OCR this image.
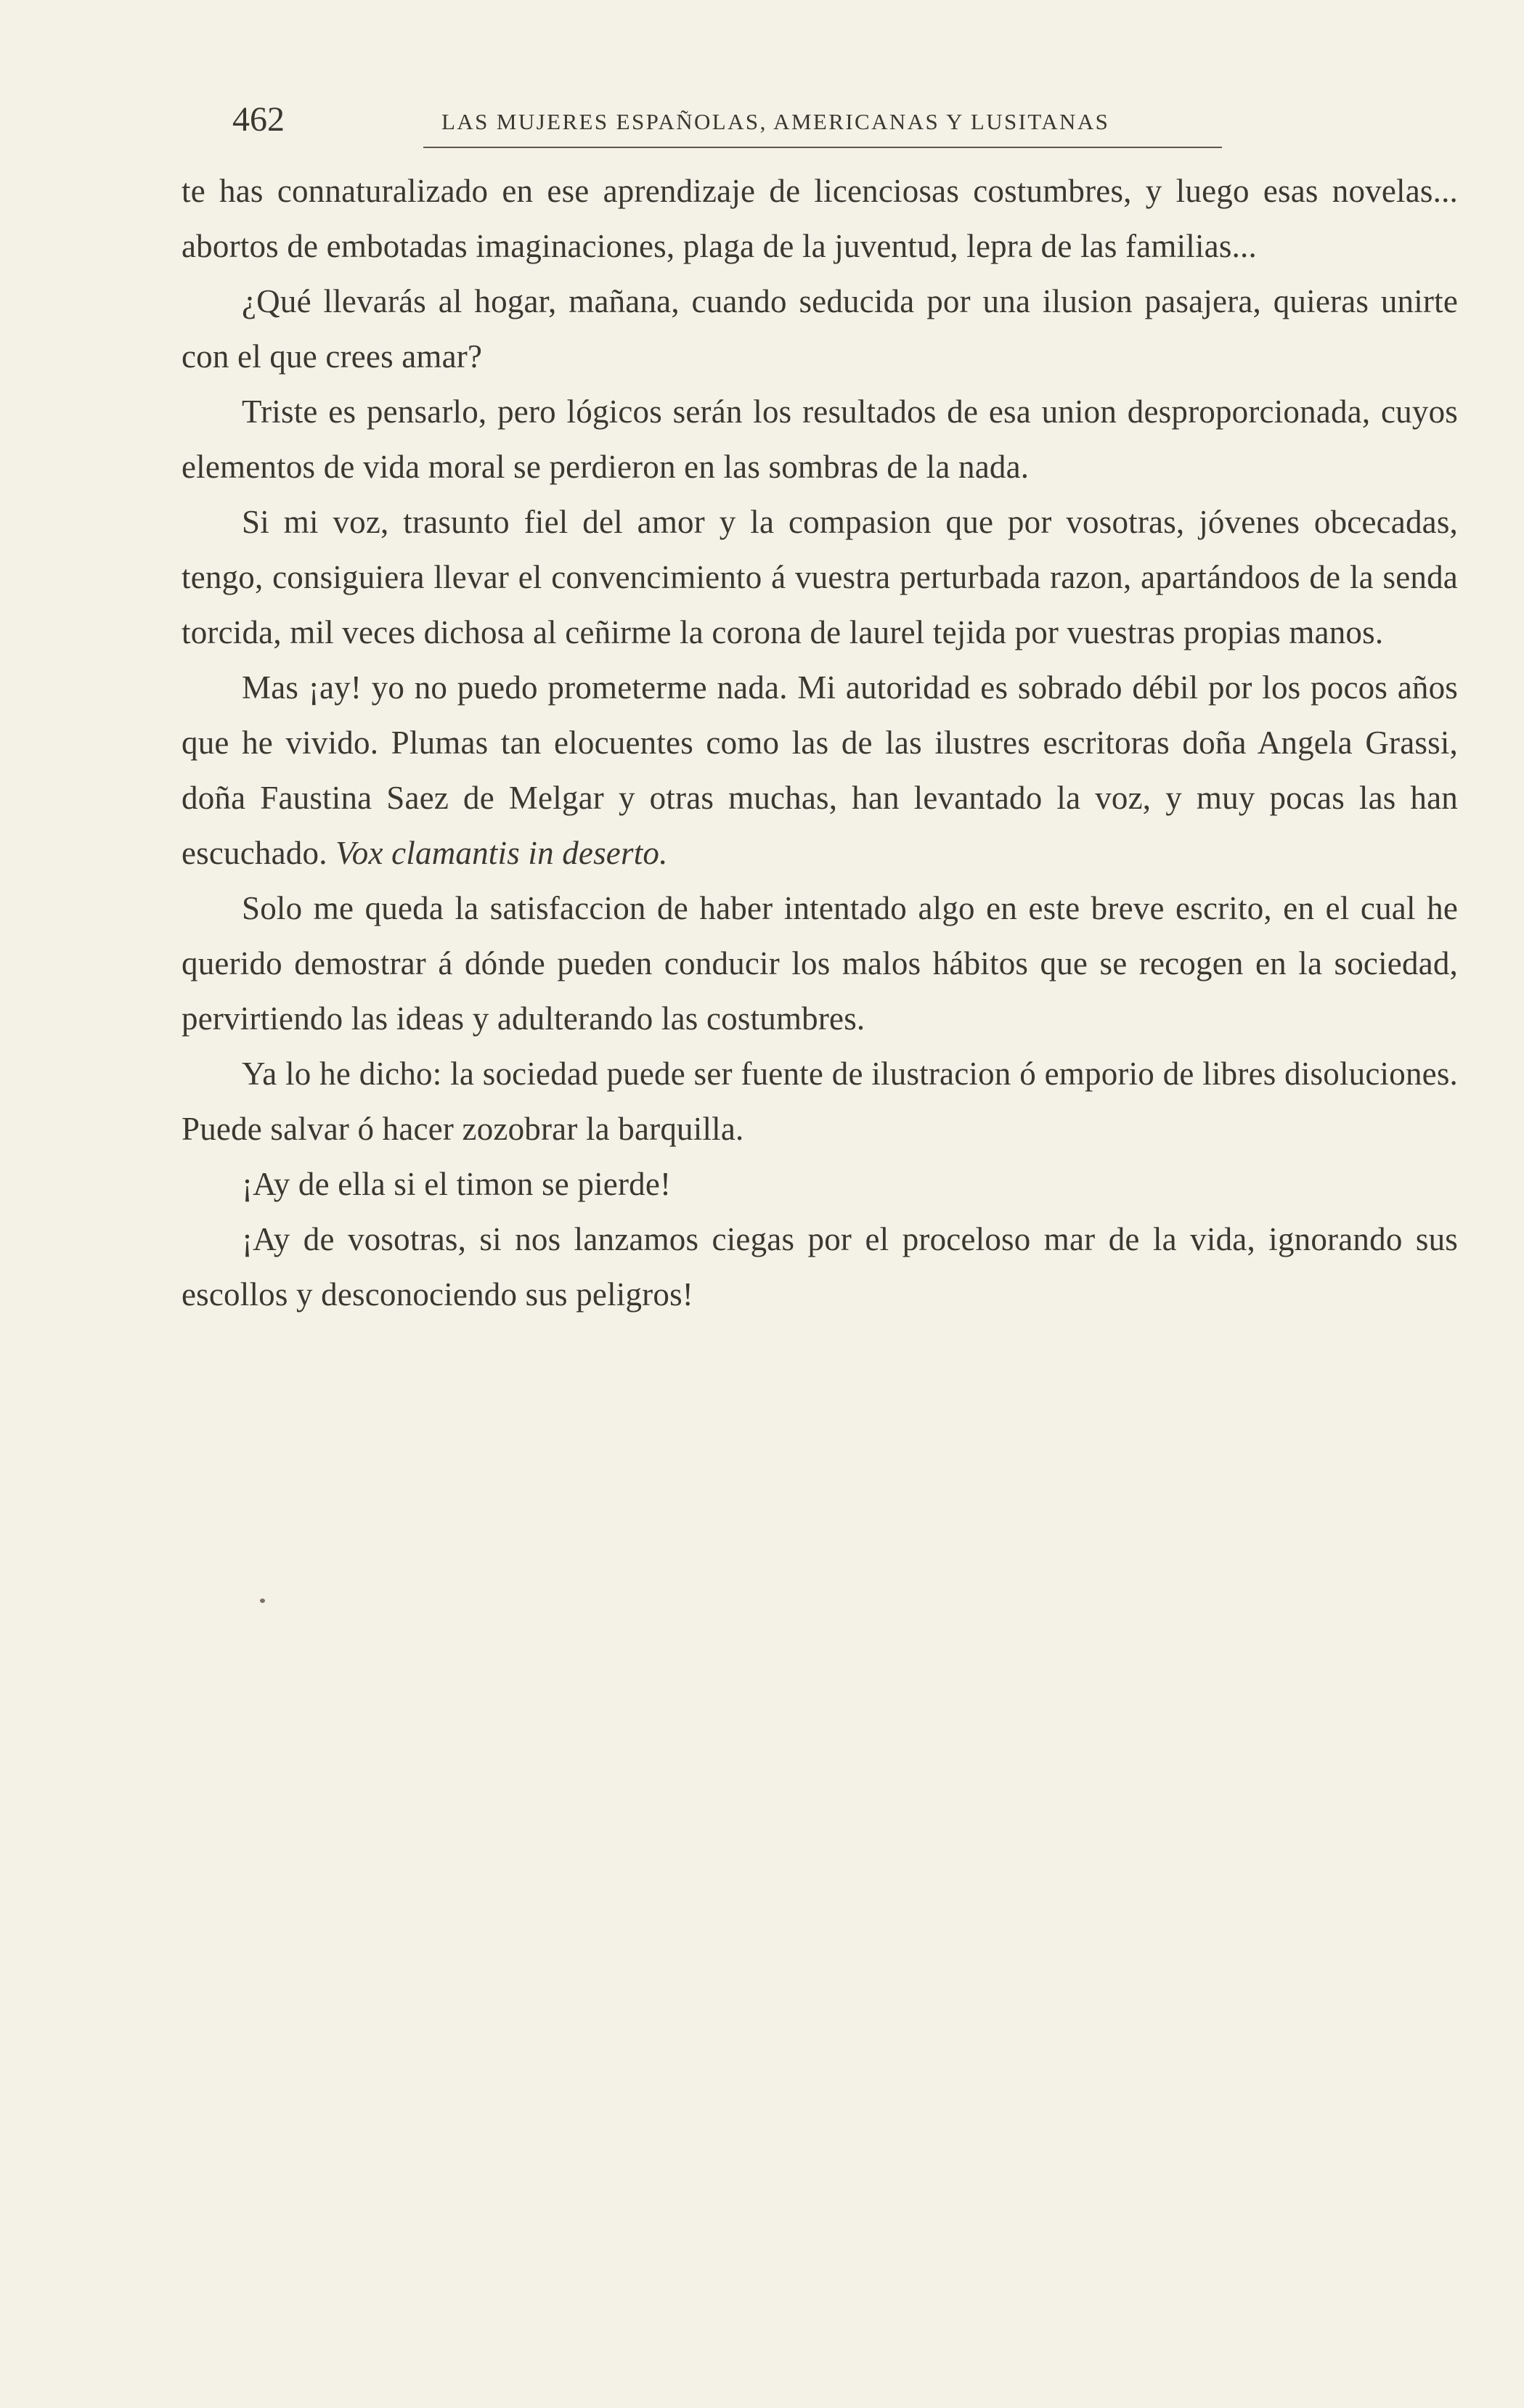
462	LAS MUJERES ESPAÑOLAS, AMERICANAS Y LUSITANAS

te has connaturalizado en ese aprendizaje de licenciosas costumbres, y luego esas novelas... abortos de embotadas imaginaciones, plaga de la juventud, lepra de las familias...

¿Qué llevarás al hogar, mañana, cuando seducida por una ilusion pasajera, quieras unirte con el que crees amar?

Triste es pensarlo, pero lógicos serán los resultados de esa union desproporcionada, cuyos elementos de vida moral se perdieron en las sombras de la nada.

Si mi voz, trasunto fiel del amor y la compasion que por vosotras, jóvenes obcecadas, tengo, consiguiera llevar el convencimiento á vuestra perturbada razon, apartándoos de la senda torcida, mil veces dichosa al ceñirme la corona de laurel tejida por vuestras propias manos.

Mas ¡ay! yo no puedo prometerme nada. Mi autoridad es sobrado débil por los pocos años que he vivido. Plumas tan elocuentes como las de las ilustres escritoras doña Angela Grassi, doña Faustina Saez de Melgar y otras muchas, han levantado la voz, y muy pocas las han escuchado. Vox clamantis in deserto.

Solo me queda la satisfaccion de haber intentado algo en este breve escrito, en el cual he querido demostrar á dónde pueden conducir los malos hábitos que se recogen en la sociedad, pervirtiendo las ideas y adulterando las costumbres.

Ya lo he dicho: la sociedad puede ser fuente de ilustracion ó emporio de libres disoluciones. Puede salvar ó hacer zozobrar la barquilla.

¡Ay de ella si el timon se pierde!

¡Ay de vosotras, si nos lanzamos ciegas por el proceloso mar de la vida, ignorando sus escollos y desconociendo sus peligros!
